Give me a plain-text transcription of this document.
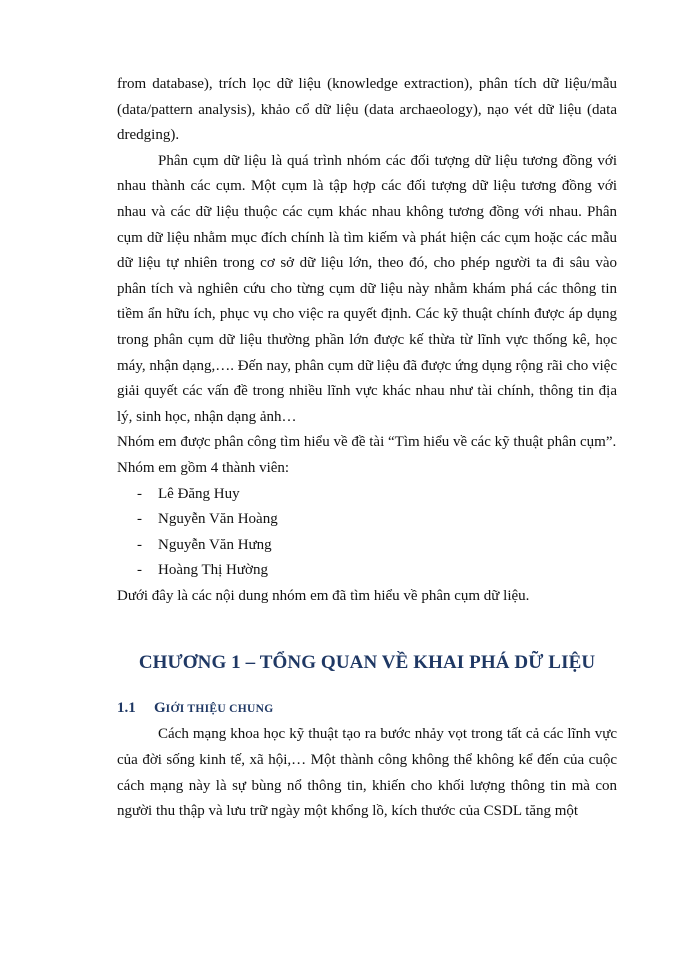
from database), trích lọc dữ liệu (knowledge extraction), phân tích dữ liệu/mẫu (data/pattern analysis), khảo cổ dữ liệu (data archaeology), nạo vét dữ liệu (data dredging).

Phân cụm dữ liệu là quá trình nhóm các đối tượng dữ liệu tương đồng với nhau thành các cụm. Một cụm là tập hợp các đối tượng dữ liệu tương đồng với nhau và các dữ liệu thuộc các cụm khác nhau không tương đồng với nhau. Phân cụm dữ liệu nhằm mục đích chính là tìm kiếm và phát hiện các cụm hoặc các mẫu dữ liệu tự nhiên trong cơ sở dữ liệu lớn, theo đó, cho phép người ta đi sâu vào phân tích và nghiên cứu cho từng cụm dữ liệu này nhằm khám phá các thông tin tiềm ẩn hữu ích, phục vụ cho việc ra quyết định. Các kỹ thuật chính được áp dụng trong phân cụm dữ liệu thường phần lớn được kế thừa từ lĩnh vực thống kê, học máy, nhận dạng,…. Đến nay, phân cụm dữ liệu đã được ứng dụng rộng rãi cho việc giải quyết các vấn đề trong nhiều lĩnh vực khác nhau như tài chính, thông tin địa lý, sinh học, nhận dạng ảnh…

Nhóm em được phân công tìm hiểu về đề tài “Tìm hiểu về các kỹ thuật phân cụm”.

Nhóm em gồm 4 thành viên:

-	Lê Đăng Huy
-	Nguyễn Văn Hoàng
-	Nguyễn Văn Hưng
-	Hoàng Thị Hường

Dưới đây là các nội dung nhóm em đã tìm hiểu về phân cụm dữ liệu.

CHƯƠNG 1 – TỔNG QUAN VỀ KHAI PHÁ DỮ LIỆU
1.1	GIỚI THIỆU CHUNG

Cách mạng khoa học kỹ thuật tạo ra bước nhảy vọt trong tất cả các lĩnh vực của đời sống kinh tế, xã hội,… Một thành công không thể không kể đến của cuộc cách mạng này là sự bùng nổ thông tin, khiến cho khối lượng thông tin mà con người thu thập và lưu trữ ngày một khổng lồ, kích thước của CSDL tăng một
